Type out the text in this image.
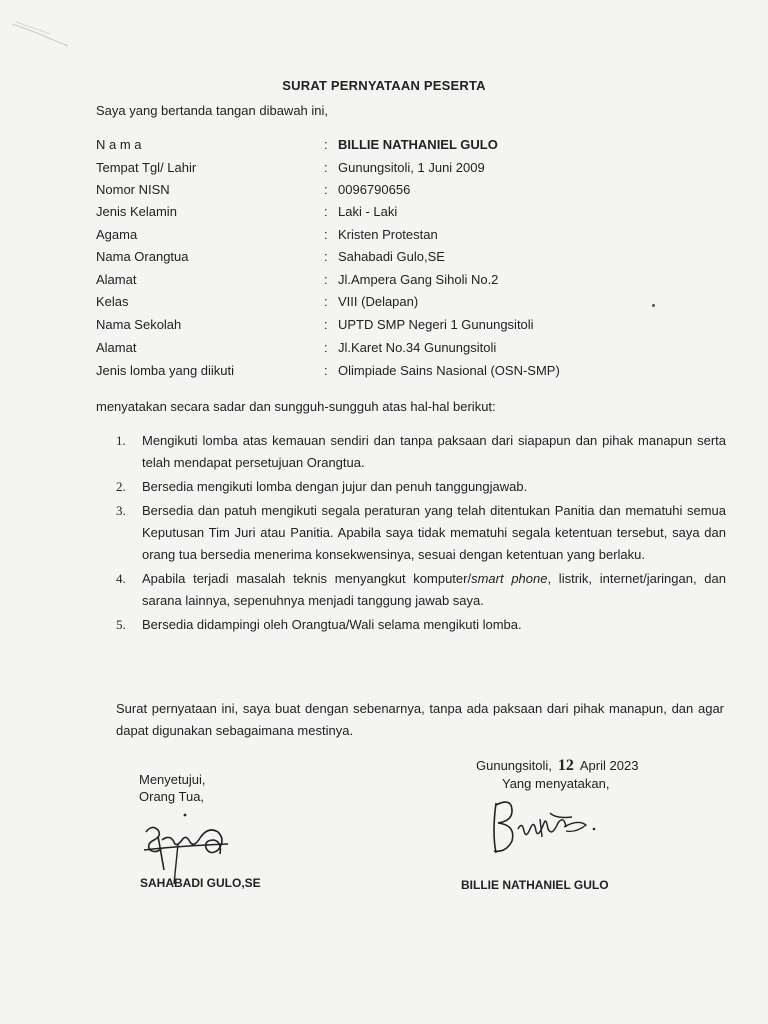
SURAT PERNYATAAN PESERTA
Saya yang bertanda tangan dibawah ini,
N a m a	: BILLIE NATHANIEL GULO
Tempat Tgl/ Lahir	: Gunungsitoli, 1 Juni 2009
Nomor NISN	: 0096790656
Jenis Kelamin	: Laki - Laki
Agama	: Kristen Protestan
Nama Orangtua	: Sahabadi Gulo,SE
Alamat	: Jl.Ampera Gang Siholi No.2
Kelas	: VIII (Delapan)
Nama Sekolah	: UPTD SMP Negeri 1 Gunungsitoli
Alamat	: Jl.Karet No.34 Gunungsitoli
Jenis lomba yang diikuti	: Olimpiade Sains Nasional (OSN-SMP)
menyatakan secara sadar dan sungguh-sungguh atas hal-hal berikut:
1. Mengikuti lomba atas kemauan sendiri dan tanpa paksaan dari siapapun dan pihak manapun serta telah mendapat persetujuan Orangtua.
2. Bersedia mengikuti lomba dengan jujur dan penuh tanggungjawab.
3. Bersedia dan patuh mengikuti segala peraturan yang telah ditentukan Panitia dan mematuhi semua Keputusan Tim Juri atau Panitia. Apabila saya tidak mematuhi segala ketentuan tersebut, saya dan orang tua bersedia menerima konsekwensinya, sesuai dengan ketentuan yang berlaku.
4. Apabila terjadi masalah teknis menyangkut komputer/smart phone, listrik, internet/jaringan, dan sarana lainnya, sepenuhnya menjadi tanggung jawab saya.
5. Bersedia didampingi oleh Orangtua/Wali selama mengikuti lomba.
Surat pernyataan ini, saya buat dengan sebenarnya, tanpa ada paksaan dari pihak manapun, dan agar dapat digunakan sebagaimana mestinya.
Gunungsitoli, 12 April 2023
Yang menyatakan,
Menyetujui,
Orang Tua,
SAHABADI GULO,SE	BILLIE NATHANIEL GULO
